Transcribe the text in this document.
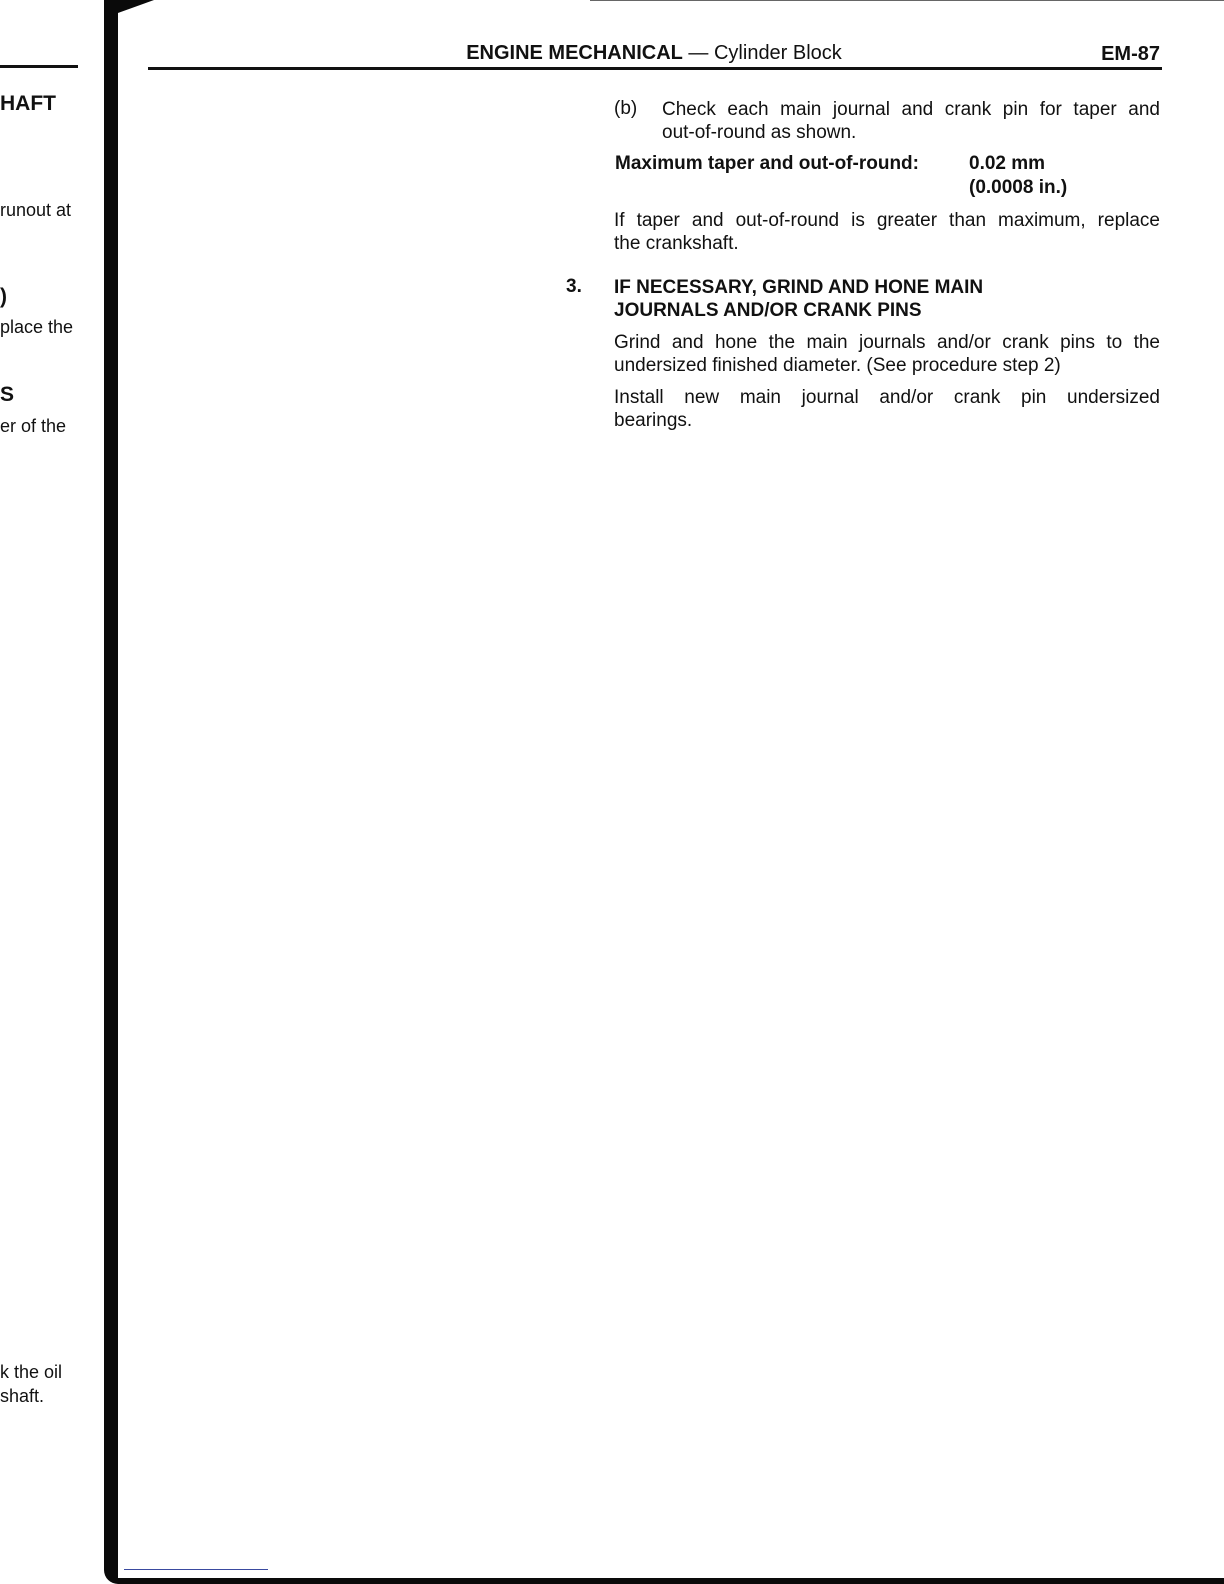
HAFT
runout at
)
place the
S
er of the
k the oil
shaft.
ENGINE MECHANICAL — Cylinder Block	EM-87
(b) Check each main journal and crank pin for taper and
out-of-round as shown.
Maximum taper and out-of-round:	0.02 mm
(0.0008 in.)
If taper and out-of-round is greater than maximum, replace
the crankshaft.
3. IF NECESSARY, GRIND AND HONE MAIN
JOURNALS AND/OR CRANK PINS
Grind and hone the main journals and/or crank pins to the
undersized finished diameter. (See procedure step 2)
Install new main journal and/or crank pin undersized
bearings.
